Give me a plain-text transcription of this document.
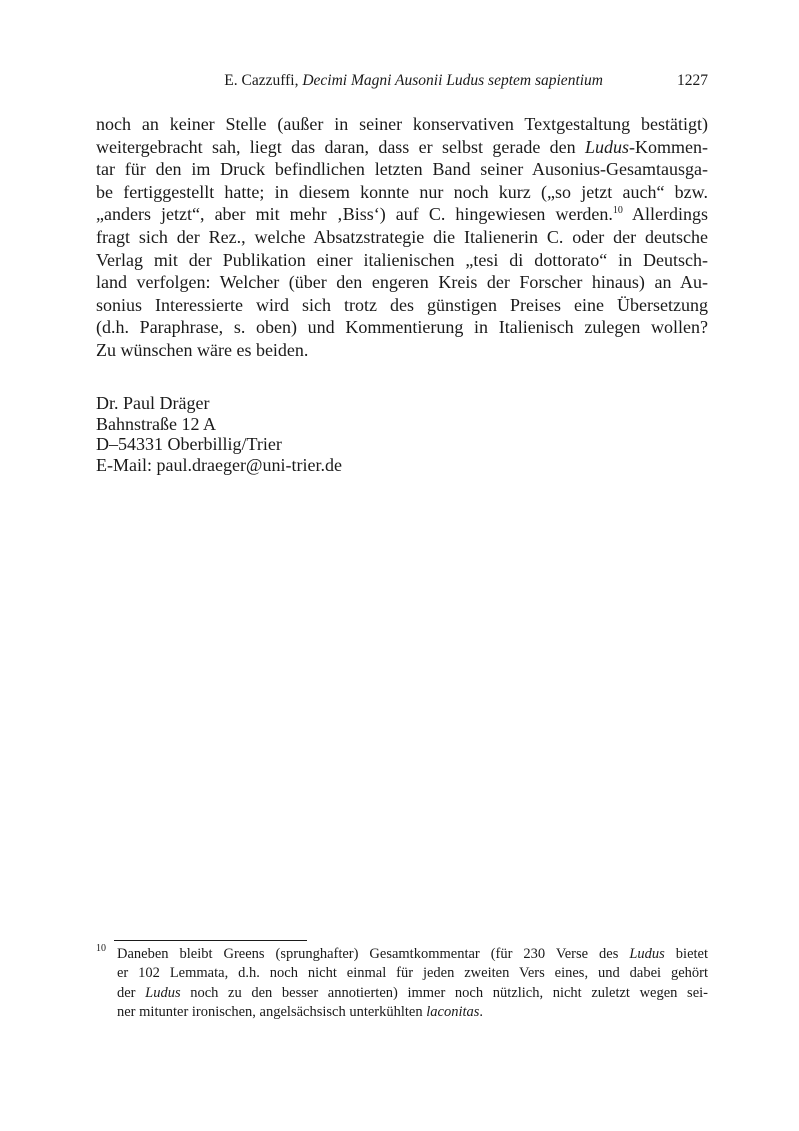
E. Cazzuffi, Decimi Magni Ausonii Ludus septem sapientium	1227
noch an keiner Stelle (außer in seiner konservativen Textgestaltung bestätigt)
weitergebracht sah, liegt das daran, dass er selbst gerade den Ludus-Kommen-
tar für den im Druck befindlichen letzten Band seiner Ausonius-Gesamtausga-
be fertiggestellt hatte; in diesem konnte nur noch kurz („so jetzt auch“ bzw.
„anders jetzt“, aber mit mehr ‚Biss‘) auf C. hingewiesen werden.$^{10}$ Allerdings
fragt sich der Rez., welche Absatzstrategie die Italienerin C. oder der deutsche
Verlag mit der Publikation einer italienischen „tesi di dottorato“ in Deutsch-
land verfolgen: Welcher (über den engeren Kreis der Forscher hinaus) an Au-
sonius Interessierte wird sich trotz des günstigen Preises eine Übersetzung
(d.h. Paraphrase, s. oben) und Kommentierung in Italienisch zulegen wollen?
Zu wünschen wäre es beiden.
Dr. Paul Dräger
Bahnstraße 12 A
D–54331 Oberbillig/Trier
E-Mail: paul.draeger@uni-trier.de
10 Daneben bleibt Greens (sprunghafter) Gesamtkommentar (für 230 Verse des Ludus bietet
er 102 Lemmata, d.h. noch nicht einmal für jeden zweiten Vers eines, und dabei gehört
der Ludus noch zu den besser annotierten) immer noch nützlich, nicht zuletzt wegen sei-
ner mitunter ironischen, angelsächsisch unterkühlten laconitas.
